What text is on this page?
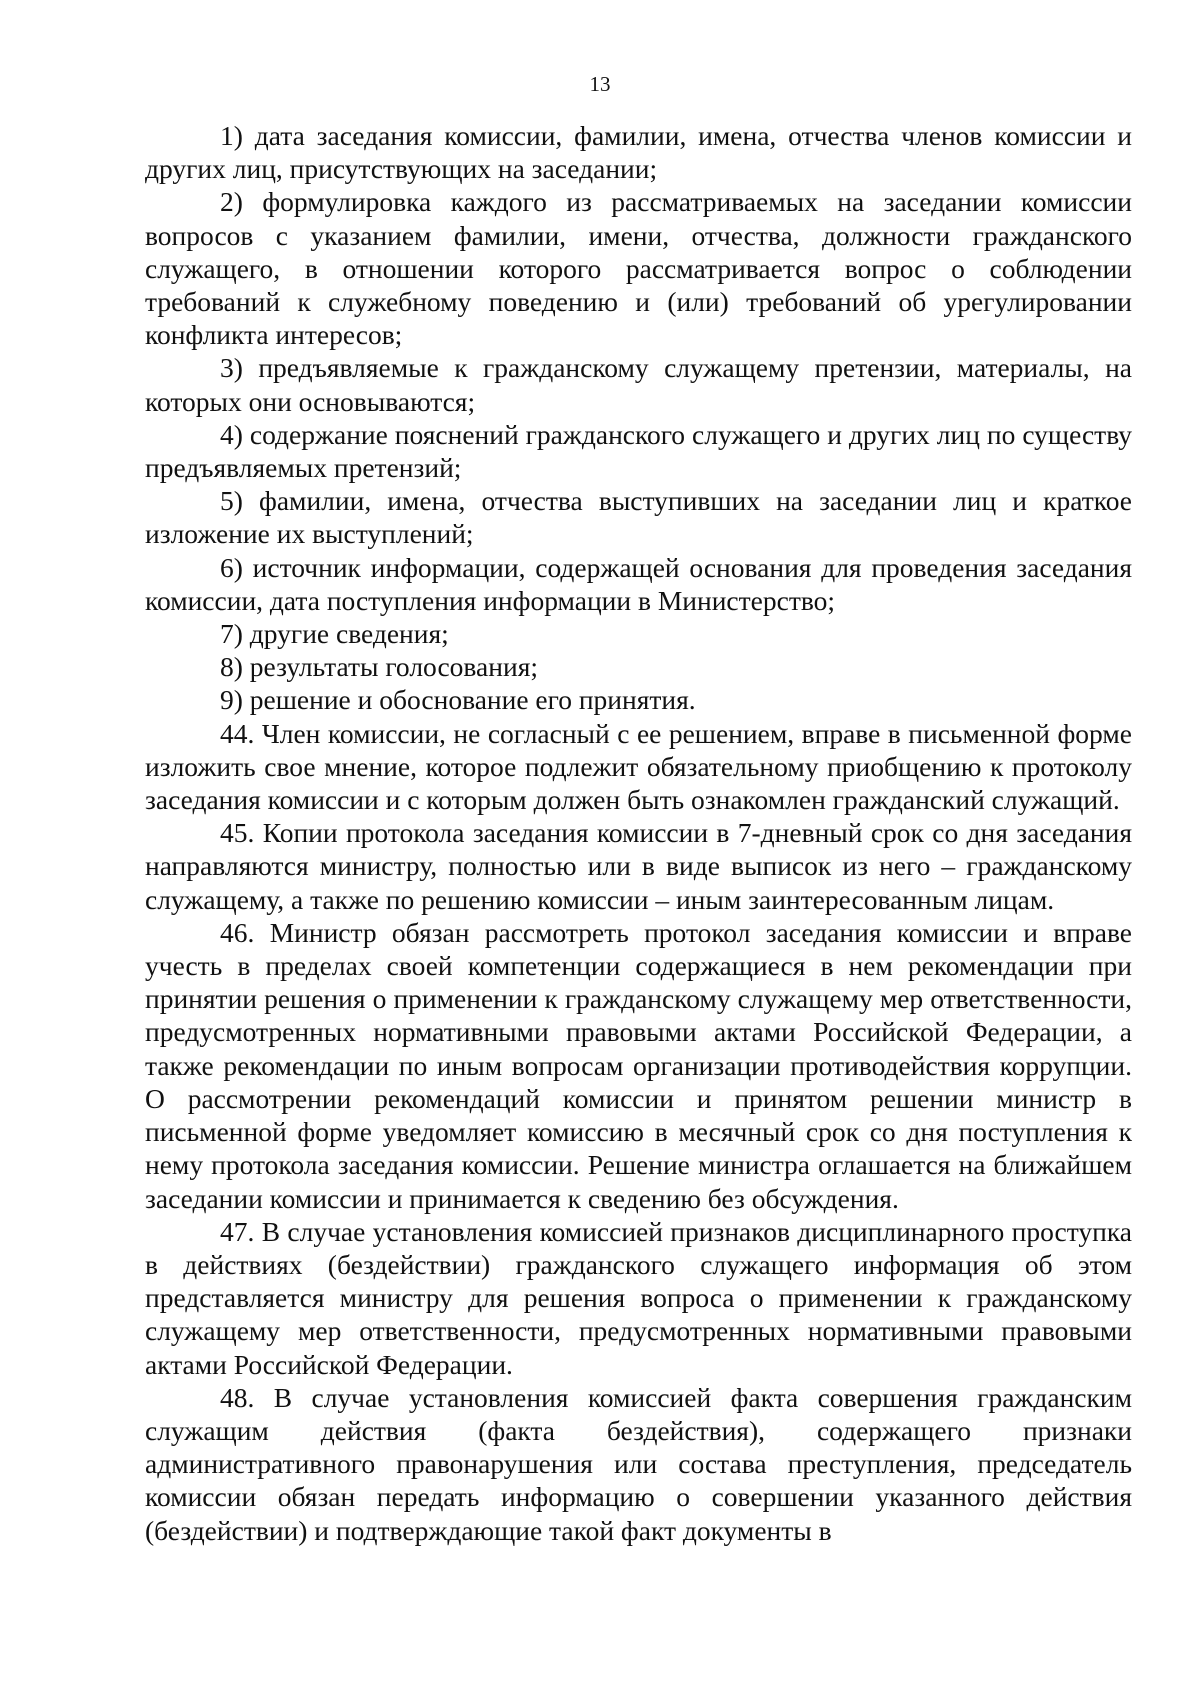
13

1) дата заседания комиссии, фамилии, имена, отчества членов комиссии и других лиц, присутствующих на заседании;

2) формулировка каждого из рассматриваемых на заседании комиссии вопросов с указанием фамилии, имени, отчества, должности гражданского служащего, в отношении которого рассматривается вопрос о соблюдении требований к служебному поведению и (или) требований об урегулировании конфликта интересов;

3) предъявляемые к гражданскому служащему претензии, материалы, на которых они основываются;

4) содержание пояснений гражданского служащего и других лиц по существу предъявляемых претензий;

5) фамилии, имена, отчества выступивших на заседании лиц и краткое изложение их выступлений;

6) источник информации, содержащей основания для проведения заседания комиссии, дата поступления информации в Министерство;

7) другие сведения;

8) результаты голосования;

9) решение и обоснование его принятия.

44. Член комиссии, не согласный с ее решением, вправе в письменной форме изложить свое мнение, которое подлежит обязательному приобщению к протоколу заседания комиссии и с которым должен быть ознакомлен гражданский служащий.

45. Копии протокола заседания комиссии в 7-дневный срок со дня заседания направляются министру, полностью или в виде выписок из него – гражданскому служащему, а также по решению комиссии – иным заинтересованным лицам.

46. Министр обязан рассмотреть протокол заседания комиссии и вправе учесть в пределах своей компетенции содержащиеся в нем рекомендации при принятии решения о применении к гражданскому служащему мер ответственности, предусмотренных нормативными правовыми актами Российской Федерации, а также рекомендации по иным вопросам организации противодействия коррупции. О рассмотрении рекомендаций комиссии и принятом решении министр в письменной форме уведомляет комиссию в месячный срок со дня поступления к нему протокола заседания комиссии. Решение министра оглашается на ближайшем заседании комиссии и принимается к сведению без обсуждения.

47. В случае установления комиссией признаков дисциплинарного проступка в действиях (бездействии) гражданского служащего информация об этом представляется министру для решения вопроса о применении к гражданскому служащему мер ответственности, предусмотренных нормативными правовыми актами Российской Федерации.

48. В случае установления комиссией факта совершения гражданским служащим действия (факта бездействия), содержащего признаки административного правонарушения или состава преступления, председатель комиссии обязан передать информацию о совершении указанного действия (бездействии) и подтверждающие такой факт документы в
